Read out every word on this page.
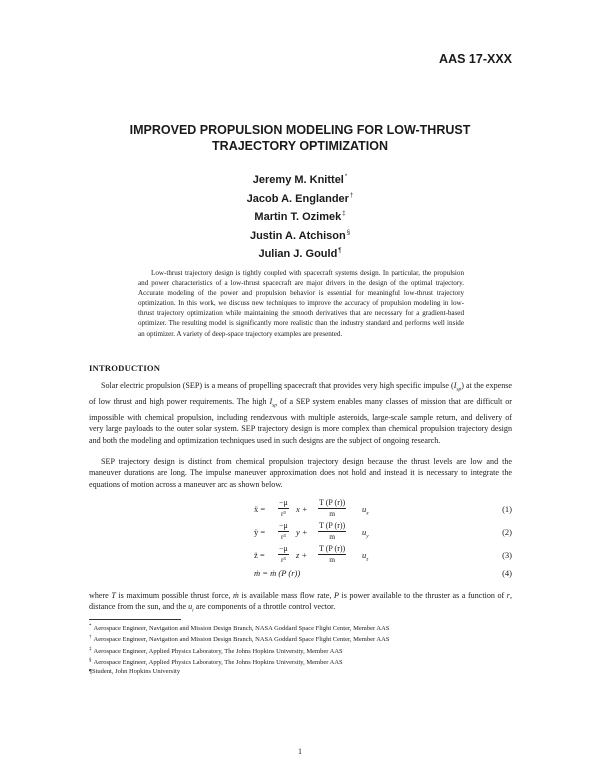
AAS 17-XXX
IMPROVED PROPULSION MODELING FOR LOW-THRUST
TRAJECTORY OPTIMIZATION
Jeremy M. Knittel*
Jacob A. Englander†
Martin T. Ozimek‡
Justin A. Atchison§
Julian J. Gould¶

Low-thrust trajectory design is tightly coupled with spacecraft systems design. In particular, the propulsion and power characteristics of a low-thrust spacecraft are major drivers in the design of the optimal trajectory. Accurate modeling of the power and propulsion behavior is essential for meaningful low-thrust trajectory optimization. In this work, we discuss new techniques to improve the accuracy of propulsion modeling in low-thrust trajectory optimization while maintaining the smooth derivatives that are necessary for a gradient-based optimizer. The resulting model is significantly more realistic than the industry standard and performs well inside an optimizer. A variety of deep-space trajectory examples are presented.

INTRODUCTION

Solar electric propulsion (SEP) is a means of propelling spacecraft that provides very high specific impulse $(I_{sp})$ at the expense of low thrust and high power requirements. The high $I_{sp}$ of a SEP system enables many classes of mission that are difficult or impossible with chemical propulsion, including rendezvous with multiple asteroids, large-scale sample return, and delivery of very large payloads to the outer solar system. SEP trajectory design is more complex than chemical propulsion trajectory design and both the modeling and optimization techniques used in such designs are the subject of ongoing research.

SEP trajectory design is distinct from chemical propulsion trajectory design because the thrust levels are low and the maneuver durations are long. The impulse maneuver approximation does not hold and instead it is necessary to integrate the equations of motion across a maneuver arc as shown below.

ẍ = $\frac{-\mu}{\text{r³}}$ $x + \frac{T (P (r))}{m} u_x$	(1)
ÿ = $\frac{-\mu}{\text{r³}}$ $y + \frac{T (P (r))}{m} u_y$	(2)
z̈ = $\frac{-\mu}{\text{r³}}$ $z + \frac{T (P (r))}{m} u_z$	(3)
ṁ = ṁ (P (r))	(4)
where T is maximum possible thrust force, ṁ is available mass flow rate, P is power available to the thruster as a function of r, distance from the sun, and the $u_i$ are components of a throttle control vector.
* Aerospace Engineer, Navigation and Mission Design Branch, NASA Goddard Space Flight Center, Member AAS
† Aerospace Engineer, Navigation and Mission Design Branch, NASA Goddard Space Flight Center, Member AAS
‡ Aerospace Engineer, Applied Physics Laboratory, The Johns Hopkins University, Member AAS
§ Aerospace Engineer, Applied Physics Laboratory, The Johns Hopkins University, Member AAS
¶Student, John Hopkins University
1
